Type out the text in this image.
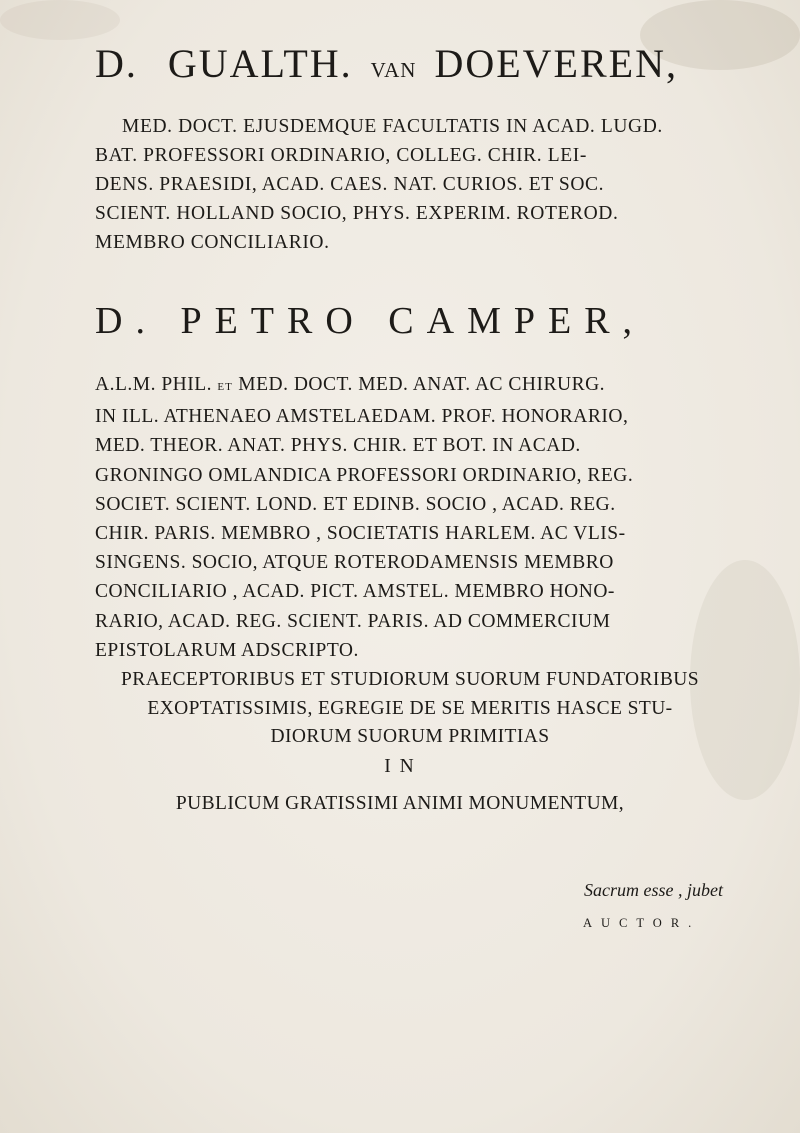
D. GUALTH. VAN DOEVEREN,
MED. DOCT. EJUSDEMQUE FACULTATIS IN ACAD. LUGD.
BAT. PROFESSORI ORDINARIO, COLLEG. CHIR. LEI-
DENS. PRAESIDI, ACAD. CAES. NAT. CURIOS. ET SOC.
SCIENT. HOLLAND SOCIO, PHYS. EXPERIM. ROTEROD.
MEMBRO CONCILIARIO.
D. PETRO CAMPER,
A.L.M. PHIL. ET MED. DOCT. MED. ANAT. AC CHIRURG.
IN ILL. ATHENAEO AMSTELAEDAM. PROF. HONORARIO,
MED. THEOR. ANAT. PHYS. CHIR. ET BOT. IN ACAD.
GRONINGO OMLANDICA PROFESSORI ORDINARIO, REG.
SOCIET. SCIENT. LOND. ET EDINB. SOCIO , ACAD. REG.
CHIR. PARIS. MEMBRO , SOCIETATIS HARLEM. AC VLIS-
SINGENS. SOCIO, ATQUE ROTERODAMENSIS MEMBRO
CONCILIARIO , ACAD. PICT. AMSTEL. MEMBRO HONO-
RARIO, ACAD. REG. SCIENT. PARIS. AD COMMERCIUM
EPISTOLARUM ADSCRIPTO.
PRAECEPTORIBUS ET STUDIORUM SUORUM FUNDATORIBUS
EXOPTATISSIMIS, EGREGIE DE SE MERITIS HASCE STU-
DIORUM SUORUM PRIMITIAS
I N
PUBLICUM GRATISSIMI ANIMI MONUMENTUM,
Sacrum esse , jubet
AUCTOR.
